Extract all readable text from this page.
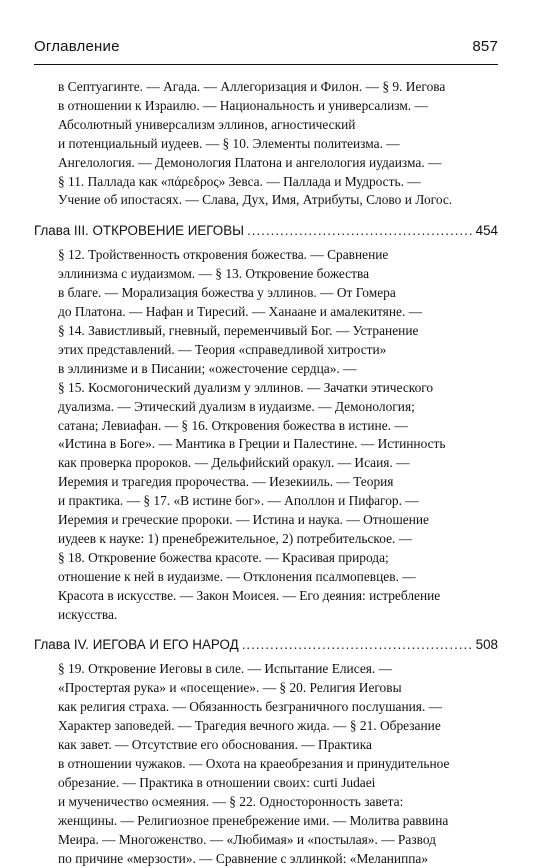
Оглавление	857

в Септуагинте. — Агада. — Аллегоризация и Филон. — § 9. Иегова
в отношении к Израилю. — Национальность и универсализм. —
Абсолютный универсализм эллинов, агностический
и потенциальный иудеев. — § 10. Элементы политеизма. —
Ангелология. — Демонология Платона и ангелология иудаизма. —
§ 11. Паллада как «πάρεδρος» Зевса. — Паллада и Мудрость. —
Учение об ипостасях. — Слава, Дух, Имя, Атрибуты, Слово и Логос.

Глава III. ОТКРОВЕНИЕ ИЕГОВЫ .....	454

§ 12. Тройственность откровения божества. — Сравнение
эллинизма с иудаизмом. — § 13. Откровение божества
в благе. — Морализация божества у эллинов. — От Гомера
до Платона. — Нафан и Тиресий. — Ханаане и амалекитяне. —
§ 14. Завистливый, гневный, переменчивый Бог. — Устранение
этих представлений. — Теория «справедливой хитрости»
в эллинизме и в Писании; «ожесточение сердца». —
§ 15. Космогонический дуализм у эллинов. — Зачатки этического
дуализма. — Этический дуализм в иудаизме. — Демонология;
сатана; Левиафан. — § 16. Откровения божества в истине. —
«Истина в Боге». — Мантика в Греции и Палестине. — Истинность
как проверка пророков. — Дельфийский оракул. — Исаия. —
Иеремия и трагедия пророчества. — Иезекииль. — Теория
и практика. — § 17. «В истине бог». — Аполлон и Пифагор. —
Иеремия и греческие пророки. — Истина и наука. — Отношение
иудеев к науке: 1) пренебрежительное, 2) потребительское. —
§ 18. Откровение божества красоте. — Красивая природа;
отношение к ней в иудаизме. — Отклонения псалмопевцев. —
Красота в искусстве. — Закон Моисея. — Его деяния: истребление
искусства.

Глава IV. ИЕГОВА И ЕГО НАРОД .....	508

§ 19. Откровение Иеговы в силе. — Испытание Елисея. —
«Простертая рука» и «посещение». — § 20. Религия Иеговы
как религия страха. — Обязанность безграничного послушания. —
Характер заповедей. — Трагедия вечного жида. — § 21. Обрезание
как завет. — Отсутствие его обоснования. — Практика
в отношении чужаков. — Охота на краеобрезания и принудительное
обрезание. — Практика в отношении своих: curti Judaei
и мученичество осмеяния. — § 22. Односторонность завета:
женщины. — Религиозное пренебрежение ими. — Молитва раввина
Меира. — Многоженство. — «Любимая» и «постылая». — Развод
по причине «мерзости». — Сравнение с эллинкой: «Меланиппа»
